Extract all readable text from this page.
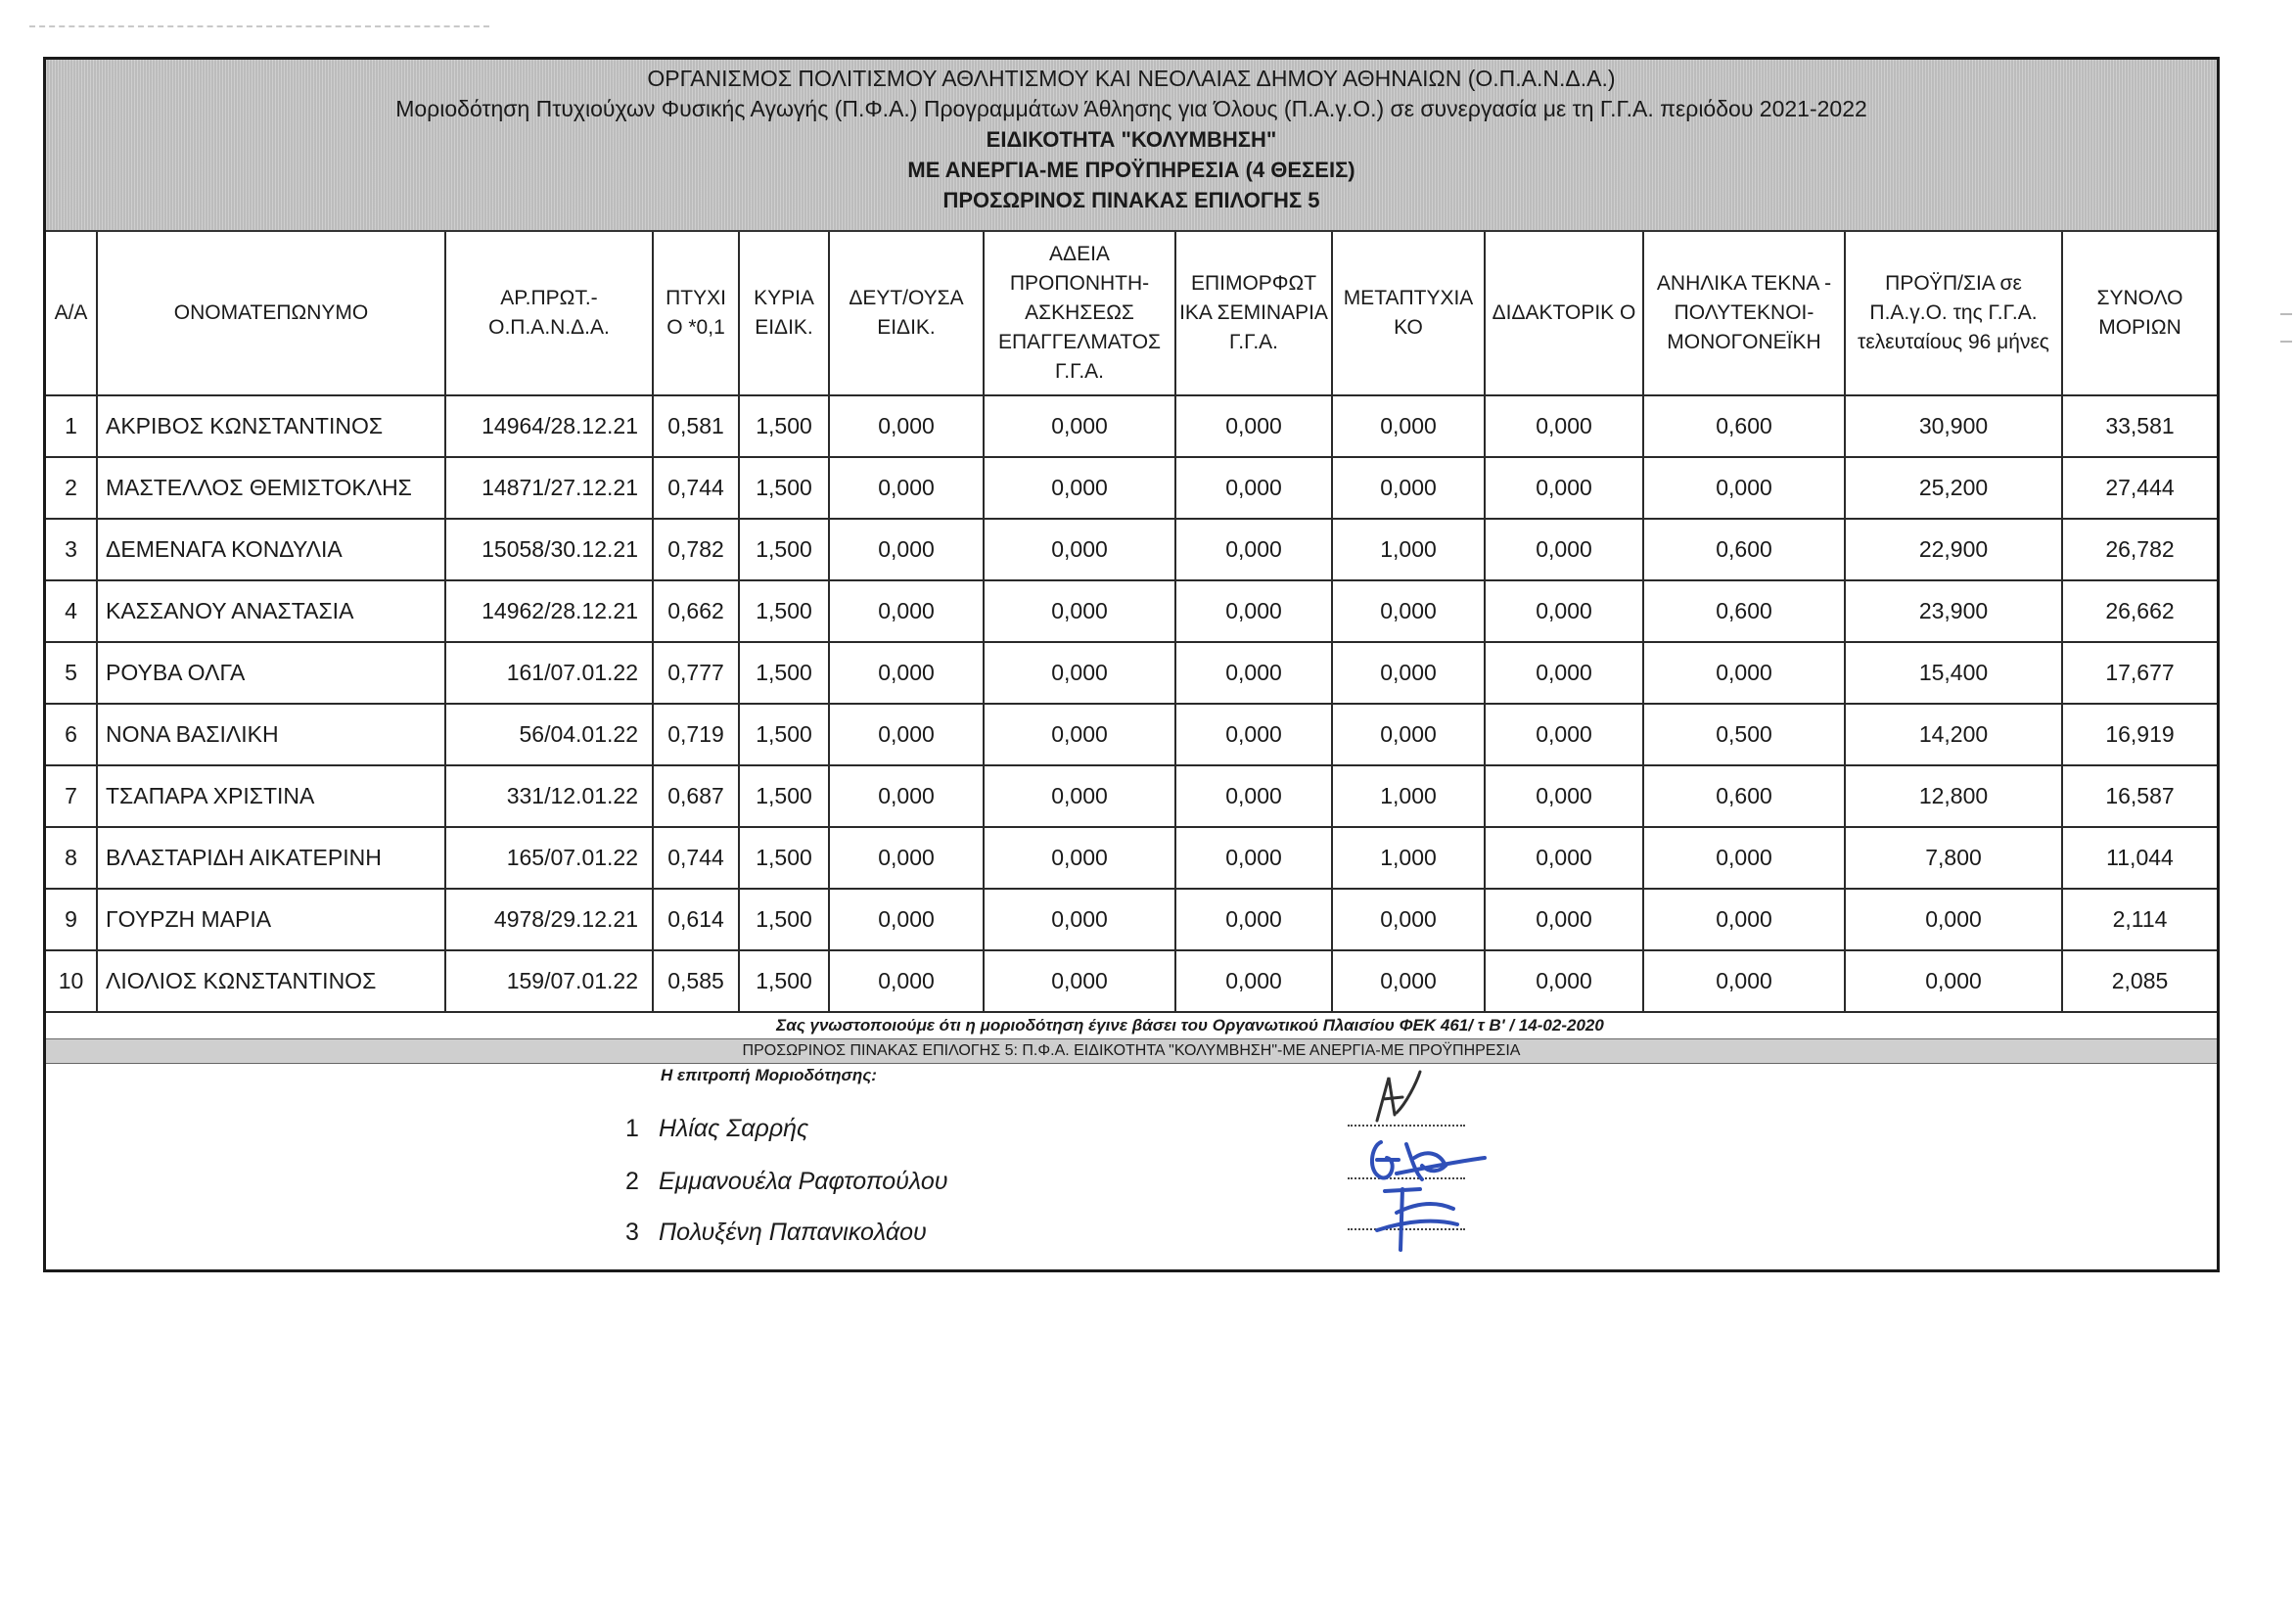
ΟΡΓΑΝΙΣΜΟΣ ΠΟΛΙΤΙΣΜΟΥ ΑΘΛΗΤΙΣΜΟΥ ΚΑΙ ΝΕΟΛΑΙΑΣ ΔΗΜΟΥ ΑΘΗΝΑΙΩΝ (Ο.Π.Α.Ν.Δ.Α.)
Μοριοδότηση Πτυχιούχων Φυσικής Αγωγής (Π.Φ.Α.) Προγραμμάτων Άθλησης για Όλους (Π.Α.γ.Ο.) σε συνεργασία με τη Γ.Γ.Α. περιόδου 2021-2022
ΕΙΔΙΚΟΤΗΤΑ "ΚΟΛΥΜΒΗΣΗ"
ΜΕ ΑΝΕΡΓΙΑ-ΜΕ ΠΡΟΫΠΗΡΕΣΙΑ (4 ΘΕΣΕΙΣ)
ΠΡΟΣΩΡΙΝΟΣ ΠΙΝΑΚΑΣ ΕΠΙΛΟΓΗΣ 5
Α/Α	ΟΝΟΜΑΤΕΠΩΝΥΜΟ	ΑΡ.ΠΡΩΤ.- Ο.Π.Α.Ν.Δ.Α.	ΠΤΥΧΙ Ο *0,1	ΚΥΡΙΑ ΕΙΔΙΚ.	ΔΕΥΤ/ΟΥΣΑ ΕΙΔΙΚ.	ΑΔΕΙΑ ΠΡΟΠΟΝΗΤΗ-ΑΣΚΗΣΕΩΣ ΕΠΑΓΓΕΛΜΑΤΟΣ Γ.Γ.Α.	ΕΠΙΜΟΡΦΩΤ ΙΚΑ ΣΕΜΙΝΑΡΙΑ Γ.Γ.Α.	ΜΕΤΑΠΤΥΧΙΑ ΚΟ	ΔΙΔΑΚΤΟΡΙΚ Ο	ΑΝΗΛΙΚΑ ΤΕΚΝΑ - ΠΟΛΥΤΕΚΝΟΙ-ΜΟΝΟΓΟΝΕΪΚΗ	ΠΡΟΫΠ/ΣΙΑ σε Π.Α.γ.Ο. της Γ.Γ.Α. τελευταίους 96 μήνες	ΣΥΝΟΛΟ ΜΟΡΙΩΝ
1	ΑΚΡΙΒΟΣ ΚΩΝΣΤΑΝΤΙΝΟΣ	14964/28.12.21	0,581	1,500	0,000	0,000	0,000	0,000	0,000	0,600	30,900	33,581
2	ΜΑΣΤΕΛΛΟΣ ΘΕΜΙΣΤΟΚΛΗΣ	14871/27.12.21	0,744	1,500	0,000	0,000	0,000	0,000	0,000	0,000	25,200	27,444
3	ΔΕΜΕΝΑΓΑ ΚΟΝΔΥΛΙΑ	15058/30.12.21	0,782	1,500	0,000	0,000	0,000	1,000	0,000	0,600	22,900	26,782
4	ΚΑΣΣΑΝΟΥ ΑΝΑΣΤΑΣΙΑ	14962/28.12.21	0,662	1,500	0,000	0,000	0,000	0,000	0,000	0,600	23,900	26,662
5	ΡΟΥΒΑ ΟΛΓΑ	161/07.01.22	0,777	1,500	0,000	0,000	0,000	0,000	0,000	0,000	15,400	17,677
6	ΝΟΝΑ ΒΑΣΙΛΙΚΗ	56/04.01.22	0,719	1,500	0,000	0,000	0,000	0,000	0,000	0,500	14,200	16,919
7	ΤΣΑΠΑΡΑ ΧΡΙΣΤΙΝΑ	331/12.01.22	0,687	1,500	0,000	0,000	0,000	1,000	0,000	0,600	12,800	16,587
8	ΒΛΑΣΤΑΡΙΔΗ ΑΙΚΑΤΕΡΙΝΗ	165/07.01.22	0,744	1,500	0,000	0,000	0,000	1,000	0,000	0,000	7,800	11,044
9	ΓΟΥΡΖΗ ΜΑΡΙΑ	4978/29.12.21	0,614	1,500	0,000	0,000	0,000	0,000	0,000	0,000	0,000	2,114
10	ΛΙΟΛΙΟΣ ΚΩΝΣΤΑΝΤΙΝΟΣ	159/07.01.22	0,585	1,500	0,000	0,000	0,000	0,000	0,000	0,000	0,000	2,085
Σας γνωστοποιούμε ότι η μοριοδότηση έγινε βάσει του Οργανωτικού Πλαισίου ΦΕΚ 461/ τ Β' / 14-02-2020
ΠΡΟΣΩΡΙΝΟΣ ΠΙΝΑΚΑΣ ΕΠΙΛΟΓΗΣ 5: Π.Φ.Α. ΕΙΔΙΚΟΤΗΤΑ "ΚΟΛΥΜΒΗΣΗ"-ΜΕ ΑΝΕΡΓΙΑ-ΜΕ ΠΡΟΫΠΗΡΕΣΙΑ
Η επιτροπή Μοριοδότησης:
1 Ηλίας Σαρρής
2 Εμμανουέλα Ραφτοπούλου
3 Πολυξένη Παπανικολάου
